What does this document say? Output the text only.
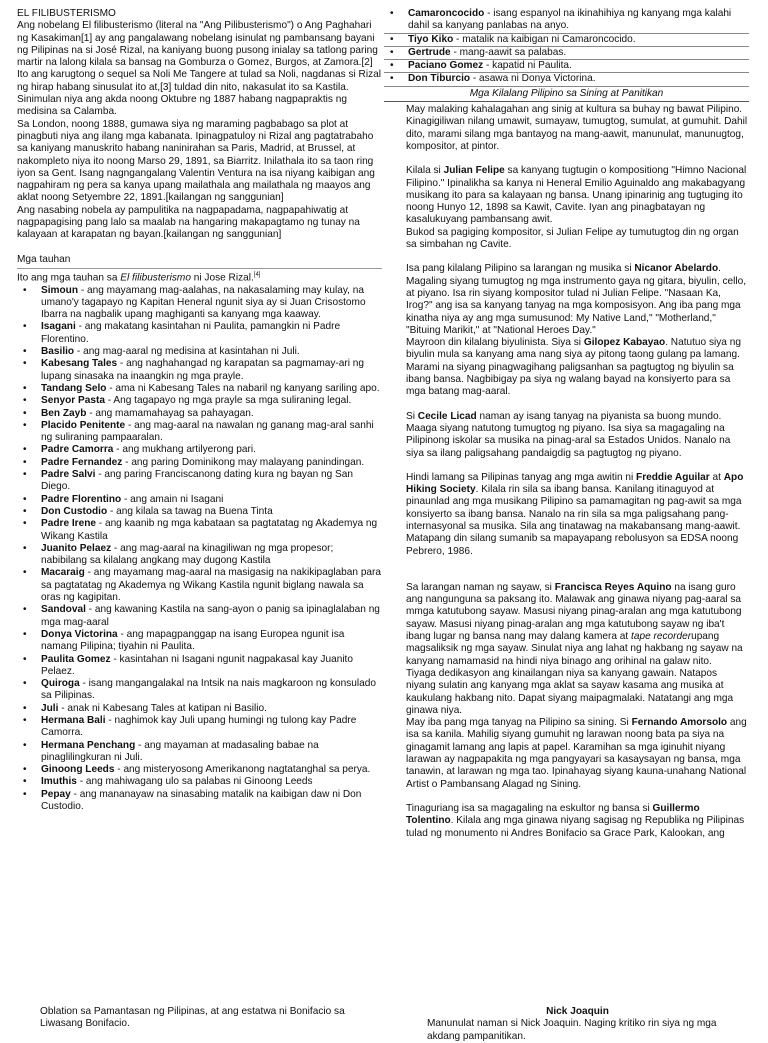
EL FILIBUSTERISMO

Ang nobelang El filibusterismo (literal na "Ang Pilibusterismo") o Ang Paghahari ng Kasakiman[1] ay ang pangalawang nobelang isinulat ng pambansang bayani ng Pilipinas na si José Rizal, na kaniyang buong pusong inialay sa tatlong paring martir na lalong kilala sa bansag na Gomburza o Gomez, Burgos, at Zamora.[2] Ito ang karugtong o sequel sa Noli Me Tangere at tulad sa Noli, nagdanas si Rizal ng hirap habang sinusulat ito at,[3] tuldad din nito, nakasulat ito sa Kastila. Sinimulan niya ang akda noong Oktubre ng 1887 habang nagpapraktis ng medisina sa Calamba.

Sa London, noong 1888, gumawa siya ng maraming pagbabago sa plot at pinagbuti niya ang ilang mga kabanata. Ipinagpatuloy ni Rizal ang pagtatrabaho sa kaniyang manuskrito habang naninirahan sa Paris, Madrid, at Brussel, at nakompleto niya ito noong Marso 29, 1891, sa Biarritz. Inilathala ito sa taon ring iyon sa Gent. Isang nagngangalang Valentin Ventura na isa niyang kaibigan ang nagpahiram ng pera sa kanya upang mailathala ang mailathala ng maayos ang aklat noong Setyembre 22, 1891.[kailangan ng sanggunian]

Ang nasabing nobela ay pampulitika na nagpapadama, nagpapahiwatig at nagpapagising pang lalo sa maalab na hangaring makapagtamo ng tunay na kalayaan at karapatan ng bayan.[kailangan ng sanggunian]

Mga tauhan

Ito ang mga tauhan sa El filibusterismo ni Jose Rizal.[4]

• Simoun - ang mayamang mag-aalahas, na nakasalaming may kulay, na umano'y tagapayo ng Kapitan Heneral ngunit siya ay si Juan Crisostomo Ibarra na nagbalik upang maghiganti sa kanyang mga kaaway.
• Isagani - ang makatang kasintahan ni Paulita, pamangkin ni Padre Florentino.
• Basilio - ang mag-aaral ng medisina at kasintahan ni Juli.
• Kabesang Tales - ang naghahangad ng karapatan sa pagmamay-ari ng lupang sinasaka na inaangkin ng mga prayle.
• Tandang Selo - ama ni Kabesang Tales na nabaril ng kanyang sariling apo.
• Senyor Pasta - Ang tagapayo ng mga prayle sa mga suliraning legal.
• Ben Zayb - ang mamamahayag sa pahayagan.
• Placido Penitente - ang mag-aaral na nawalan ng ganang mag-aral sanhi ng suliraning pampaaralan.
• Padre Camorra - ang mukhang artilyerong pari.
• Padre Fernandez - ang paring Dominikong may malayang panindingan.
• Padre Salvi - ang paring Franciscanong dating kura ng bayan ng San Diego.
• Padre Florentino - ang amain ni Isagani
• Don Custodio - ang kilala sa tawag na Buena Tinta
• Padre Irene - ang kaanib ng mga kabataan sa pagtatatag ng Akademya ng Wikang Kastila
• Juanito Pelaez - ang mag-aaral na kinagiliwan ng mga propesor; nabibilang sa kilalang angkang may dugong Kastila
• Macaraig - ang mayamang mag-aaral na masigasig na nakikipaglaban para sa pagtatatag ng Akademya ng Wikang Kastila ngunit biglang nawala sa oras ng kagipitan.
• Sandoval - ang kawaning Kastila na sang-ayon o panig sa ipinaglalaban ng mga mag-aaral
• Donya Victorina - ang mapagpanggap na isang Europea ngunit isa namang Pilipina; tiyahin ni Paulita.
• Paulita Gomez - kasintahan ni Isagani ngunit nagpakasal kay Juanito Pelaez.
• Quiroga - isang mangangalakal na Intsik na nais magkaroon ng konsulado sa Pilipinas.
• Juli - anak ni Kabesang Tales at katipan ni Basilio.
• Hermana Bali - naghimok kay Juli upang humingi ng tulong kay Padre Camorra.
• Hermana Penchang - ang mayaman at madasaling babae na pinaglilingkuran ni Juli.
• Ginoong Leeds - ang misteryosong Amerikanong nagtatanghal sa perya.
• Imuthis - ang mahiwagang ulo sa palabas ni Ginoong Leeds
• Pepay - ang mananayaw na sinasabing matalik na kaibigan daw ni Don Custodio.
• Camaroncocido - isang espanyol na ikinahihiya ng kanyang mga kalahi dahil sa kanyang panlabas na anyo.
• Tiyo Kiko - matalik na kaibigan ni Camaroncocido.
• Gertrude - mang-aawit sa palabas.
• Paciano Gomez - kapatid ni Paulita.
• Don Tiburcio - asawa ni Donya Victorina.

Mga Kilalang Pilipino sa Sining at Panitikan

May malaking kahalagahan ang sinig at kultura sa buhay ng bawat Pilipino. Kinagigiliwan nilang umawit, sumayaw, tumugtog, sumulat, at gumuhit. Dahil dito, marami silang mga bantayog na mang-aawit, manunulat, manunugtog, kompositor, at pintor.

Kilala si Julian Felipe sa kanyang tugtugin o kompositiong "Himno Nacional Filipino." Ipinalikha sa kanya ni Heneral Emilio Aguinaldo ang makabagyang musikang ito para sa kalayaan ng bansa. Unang ipinarinig ang tugtuging ito noong Hunyo 12, 1898 sa Kawit, Cavite. Iyan ang pinagbatayan ng kasalukuyang pambansang awit.

Bukod sa pagiging kompositor, si Julian Felipe ay tumutugtog din ng organ sa simbahan ng Cavite.

Isa pang kilalang Pilipino sa larangan ng musika si Nicanor Abelardo. Magaling siyang tumugtog ng mga instrumento gaya ng gitara, biyulin, cello, at piyano. Isa rin siyang kompositor tulad ni Julian Felipe. "Nasaan Ka, Irog?" ang isa sa kanyang tanyag na mga komposisyon. Ang iba pang mga kinatha niya ay ang mga sumusunod: My Native Land," "Motherland," "Bituing Marikit," at "National Heroes Day."

Mayroon din kilalang biyulinista. Siya si Gilopez Kabayao. Natutuo siya ng biyulin mula sa kanyang ama nang siya ay pitong taong gulang pa lamang. Marami na siyang pinagwagihang paligsanhan sa pagtugtog ng biyulin sa ibang bansa. Nagbibigay pa siya ng walang bayad na konsiyerto para sa mga batang mag-aaral.

Si Cecile Licad naman ay isang tanyag na piyanista sa buong mundo. Maaga siyang natutong tumugtog ng piyano. Isa siya sa magagaling na Pilipinong iskolar sa musika na pinag-aral sa Estados Unidos. Nanalo na siya sa ilang paligsahang pandaigdig sa pagtugtog ng piyano.

Hindi lamang sa Pilipinas tanyag ang mga awitin ni Freddie Aguilar at Apo Hiking Society. Kilala rin sila sa ibang bansa. Kanilang itinaguyod at pinaunlad ang mga musikang Pilipino sa pamamagitan ng pag-awit sa mga konsiyerto sa ibang bansa. Nanalo na rin sila sa mga paligsahang pang-internasyonal sa musika. Sila ang tinatawag na makabansang mang-aawit. Matapang din silang sumanib sa mapayapang rebolusyon sa EDSA noong Pebrero, 1986.

Sa larangan naman ng sayaw, si Francisca Reyes Aquino na isang guro ang nangunguna sa paksang ito. Malawak ang ginawa niyang pag-aaral sa mmga katutubong sayaw. Masusi niyang pinag-aralan ang mga katutubong sayaw. Masusi niyang pinag-aralan ang mga katutubong sayaw ng iba't ibang lugar ng bansa nang may dalang kamera at tape recorderupang magsaliksik ng mga sayaw. Sinulat niya ang lahat ng hakbang ng sayaw na kanyang namamasid na hindi niya binago ang orihinal na galaw nito.

Tiyaga dedikasyon ang kinailangan niya sa kanyang gawain. Natapos niyang sulatin ang kanyang mga aklat sa sayaw kasama ang musika at kaukulang hakbang nito. Dapat siyang maipagmalaki. Natatangi ang mga ginawa niya.

May iba pang mga tanyag na Pilipino sa sining. Si Fernando Amorsolo ang isa sa kanila. Mahilig siyang gumuhit ng larawan noong bata pa siya na ginagamit lamang ang lapis at papel. Karamihan sa mga iginuhit niyang larawan ay nagpapakita ng mga pangyayari sa kasaysayan ng bansa, mga tanawin, at larawan ng mga tao. Ipinahayag siyang kauna-unahang National Artist o Pambansang Alagad ng Sining.

Tinaguriang isa sa magagaling na eskultor ng bansa si Guillermo Tolentino. Kilala ang mga ginawa niyang sagisag ng Republika ng Pilipinas tulad ng monumento ni Andres Bonifacio sa Grace Park, Kalookan, ang

Oblation sa Pamantasan ng Pilipinas, at ang estatwa ni Bonifacio sa Liwasang Bonifacio.
Nick Joaquin
Manunulat naman si Nick Joaquin. Naging kritiko rin siya ng mga akdang pampanitikan.
